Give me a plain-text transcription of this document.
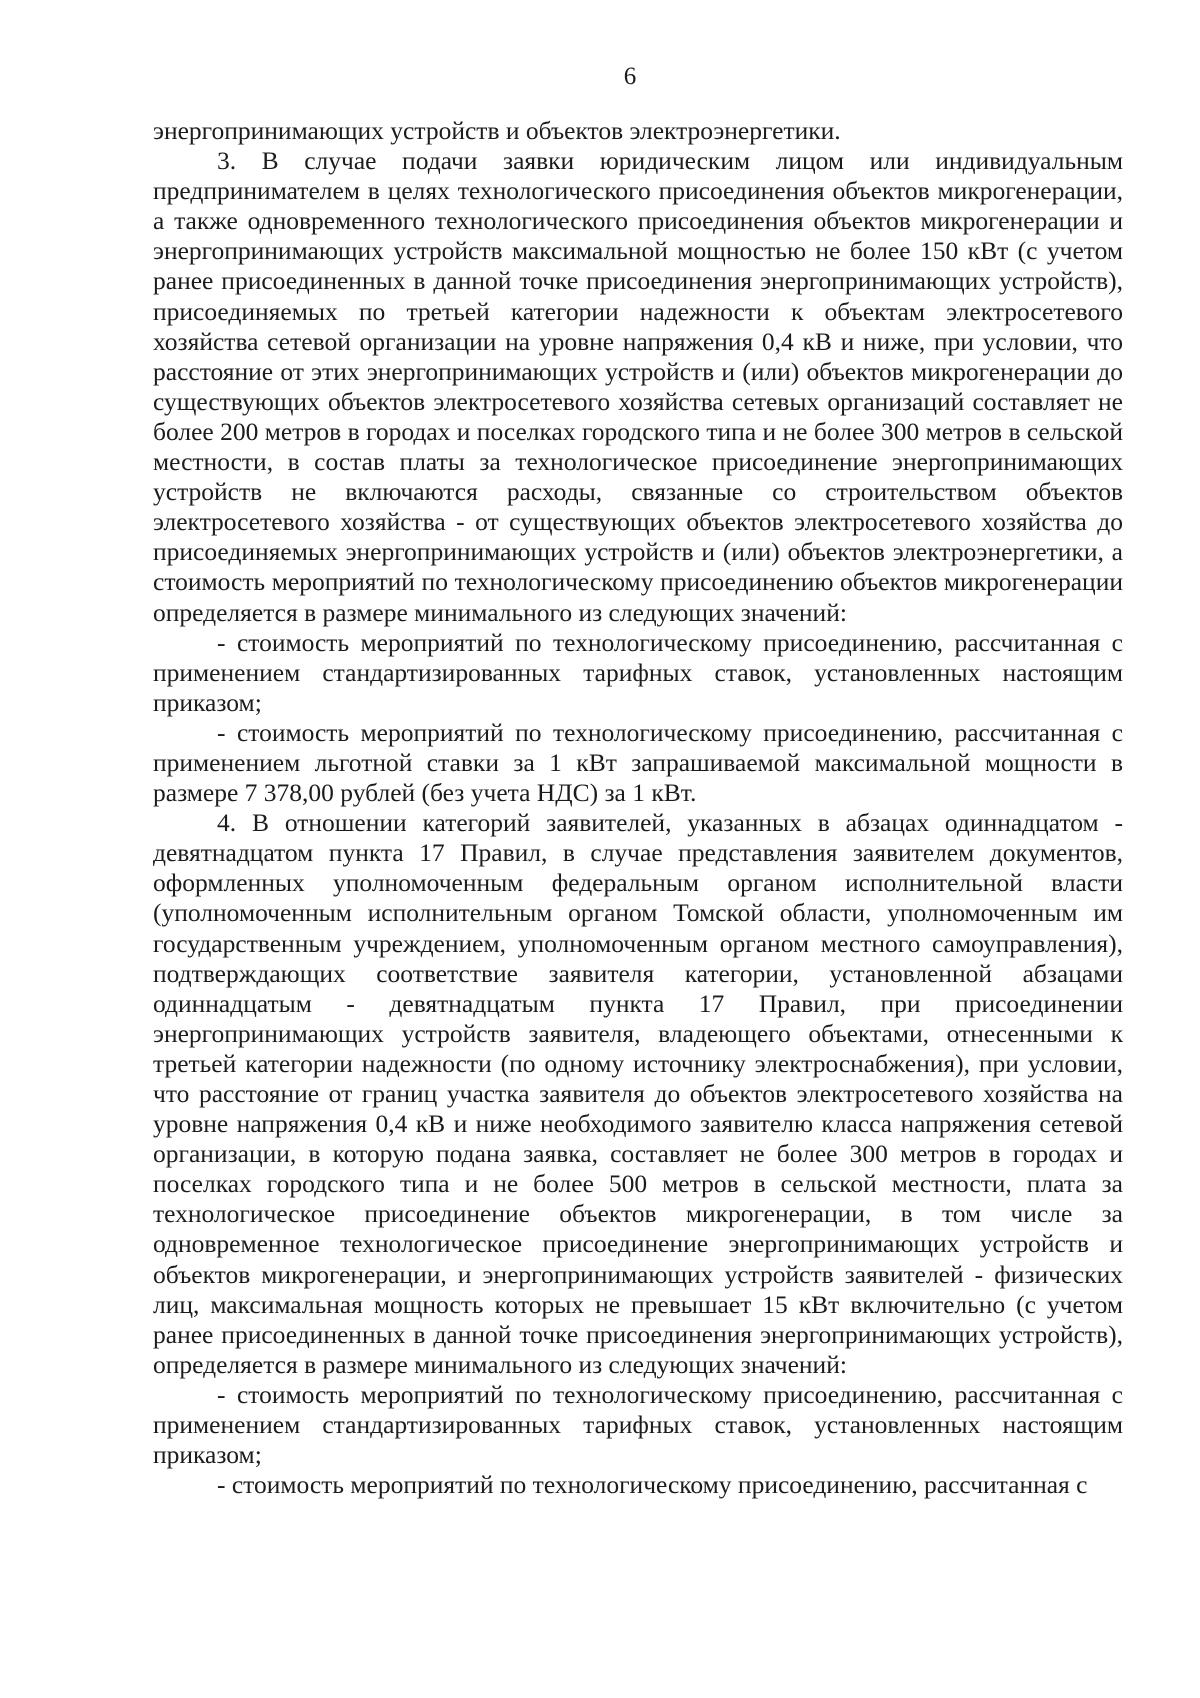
6

энергопринимающих устройств и объектов электроэнергетики.

3. В случае подачи заявки юридическим лицом или индивидуальным предпринимателем в целях технологического присоединения объектов микрогенерации, а также одновременного технологического присоединения объектов микрогенерации и энергопринимающих устройств максимальной мощностью не более 150 кВт (с учетом ранее присоединенных в данной точке присоединения энергопринимающих устройств), присоединяемых по третьей категории надежности к объектам электросетевого хозяйства сетевой организации на уровне напряжения 0,4 кВ и ниже, при условии, что расстояние от этих энергопринимающих устройств и (или) объектов микрогенерации до существующих объектов электросетевого хозяйства сетевых организаций составляет не более 200 метров в городах и поселках городского типа и не более 300 метров в сельской местности, в состав платы за технологическое присоединение энергопринимающих устройств не включаются расходы, связанные со строительством объектов электросетевого хозяйства - от существующих объектов электросетевого хозяйства до присоединяемых энергопринимающих устройств и (или) объектов электроэнергетики, а стоимость мероприятий по технологическому присоединению объектов микрогенерации определяется в размере минимального из следующих значений:

- стоимость мероприятий по технологическому присоединению, рассчитанная с применением стандартизированных тарифных ставок, установленных настоящим приказом;

- стоимость мероприятий по технологическому присоединению, рассчитанная с применением льготной ставки за 1 кВт запрашиваемой максимальной мощности в размере 7 378,00 рублей (без учета НДС) за 1 кВт.

4. В отношении категорий заявителей, указанных в абзацах одиннадцатом - девятнадцатом пункта 17 Правил, в случае представления заявителем документов, оформленных уполномоченным федеральным органом исполнительной власти (уполномоченным исполнительным органом Томской области, уполномоченным им государственным учреждением, уполномоченным органом местного самоуправления), подтверждающих соответствие заявителя категории, установленной абзацами одиннадцатым - девятнадцатым пункта 17 Правил, при присоединении энергопринимающих устройств заявителя, владеющего объектами, отнесенными к третьей категории надежности (по одному источнику электроснабжения), при условии, что расстояние от границ участка заявителя до объектов электросетевого хозяйства на уровне напряжения 0,4 кВ и ниже необходимого заявителю класса напряжения сетевой организации, в которую подана заявка, составляет не более 300 метров в городах и поселках городского типа и не более 500 метров в сельской местности, плата за технологическое присоединение объектов микрогенерации, в том числе за одновременное технологическое присоединение энергопринимающих устройств и объектов микрогенерации, и энергопринимающих устройств заявителей - физических лиц, максимальная мощность которых не превышает 15 кВт включительно (с учетом ранее присоединенных в данной точке присоединения энергопринимающих устройств), определяется в размере минимального из следующих значений:

- стоимость мероприятий по технологическому присоединению, рассчитанная с применением стандартизированных тарифных ставок, установленных настоящим приказом;

- стоимость мероприятий по технологическому присоединению, рассчитанная с
